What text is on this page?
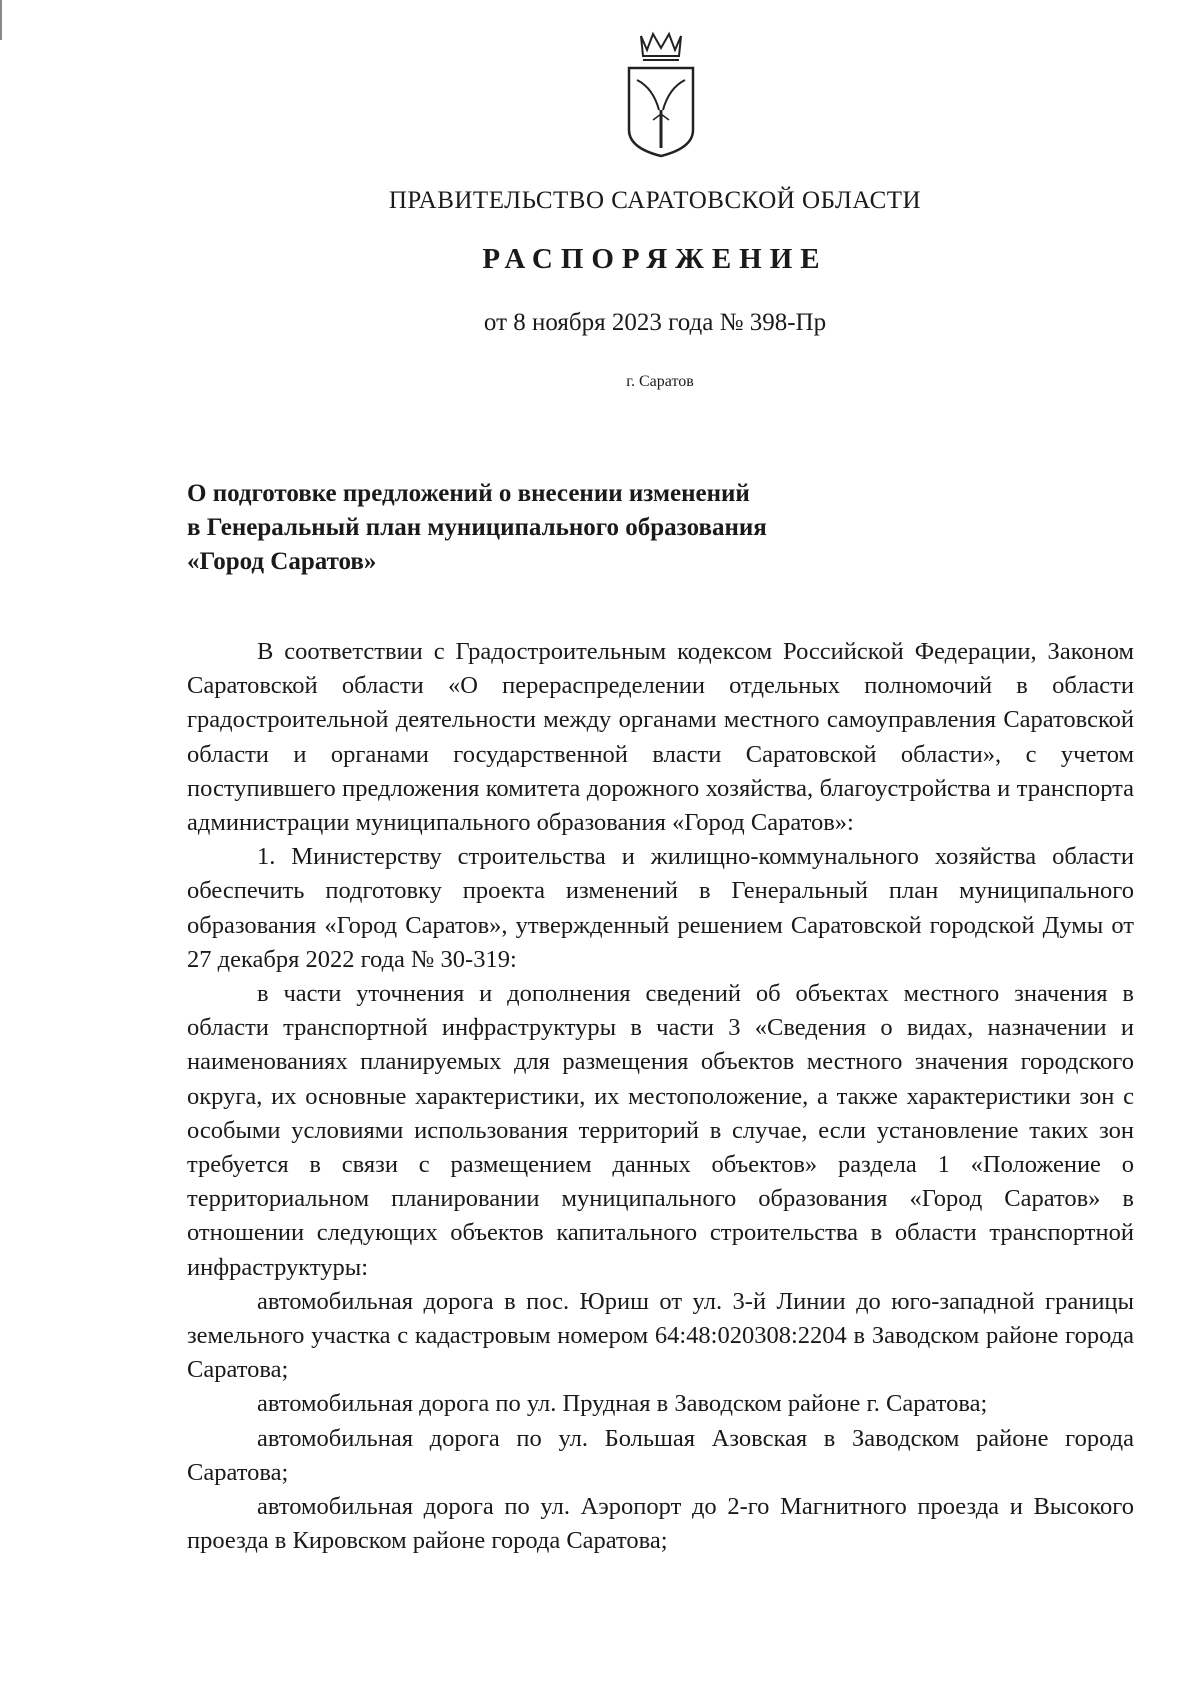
ПРАВИТЕЛЬСТВО САРАТОВСКОЙ ОБЛАСТИ
РАСПОРЯЖЕНИЕ
от 8 ноября 2023 года № 398-Пр
г. Саратов
О подготовке предложений о внесении изменений
в Генеральный план муниципального образования
«Город Саратов»

В соответствии с Градостроительным кодексом Российской Федерации, Законом Саратовской области «О перераспределении отдельных полномочий в области градостроительной деятельности между органами местного самоуправления Саратовской области и органами государственной власти Саратовской области», с учетом поступившего предложения комитета дорожного хозяйства, благоустройства и транспорта администрации муниципального образования «Город Саратов»:

1. Министерству строительства и жилищно-коммунального хозяйства области обеспечить подготовку проекта изменений в Генеральный план муниципального образования «Город Саратов», утвержденный решением Саратовской городской Думы от 27 декабря 2022 года № 30-319:

в части уточнения и дополнения сведений об объектах местного значения в области транспортной инфраструктуры в части 3 «Сведения о видах, назначении и наименованиях планируемых для размещения объектов местного значения городского округа, их основные характеристики, их местоположение, а также характеристики зон с особыми условиями использования территорий в случае, если установление таких зон требуется в связи с размещением данных объектов» раздела 1 «Положение о территориальном планировании муниципального образования «Город Саратов» в отношении следующих объектов капитального строительства в области транспортной инфраструктуры:

автомобильная дорога в пос. Юриш от ул. 3-й Линии до юго-западной границы земельного участка с кадастровым номером 64:48:020308:2204 в Заводском районе города Саратова;

автомобильная дорога по ул. Прудная в Заводском районе г. Саратова;

автомобильная дорога по ул. Большая Азовская в Заводском районе города Саратова;

автомобильная дорога по ул. Аэропорт до 2-го Магнитного проезда и Высокого проезда в Кировском районе города Саратова;
